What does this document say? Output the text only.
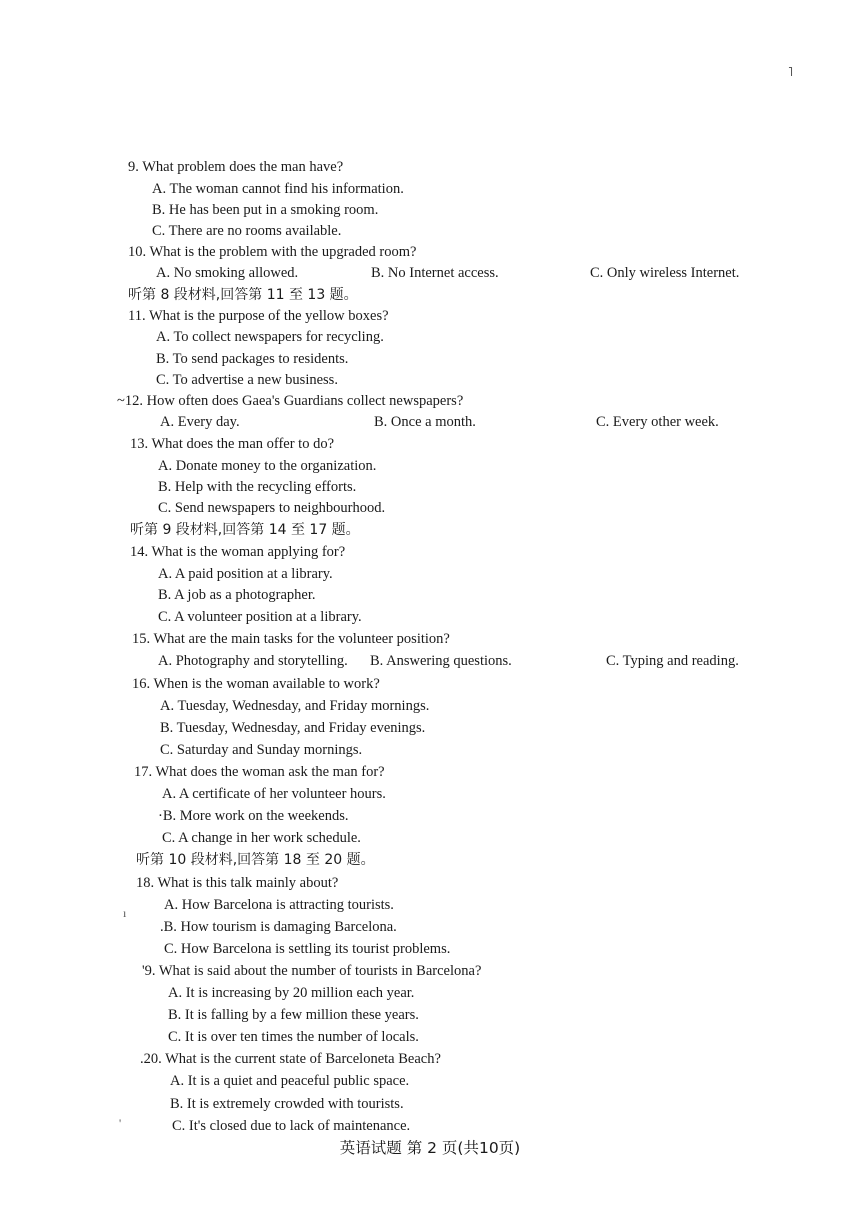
˥
9. What problem does the man have?
A. The woman cannot find his information.
B. He has been put in a smoking room.
C. There are no rooms available.
10. What is the problem with the upgraded room?
A. No smoking allowed.	B. No Internet access.	C. Only wireless Internet.
听第 8 段材料,回答第 11 至 13 题。
11. What is the purpose of the yellow boxes?
A. To collect newspapers for recycling.
B. To send packages to residents.
C. To advertise a new business.
~12. How often does Gaea's Guardians collect newspapers?
A. Every day.	B. Once a month.	C. Every other week.
13. What does the man offer to do?
A. Donate money to the organization.
B. Help with the recycling efforts.
C. Send newspapers to neighbourhood.
听第 9 段材料,回答第 14 至 17 题。
14. What is the woman applying for?
A. A paid position at a library.
B. A job as a photographer.
C. A volunteer position at a library.
15. What are the main tasks for the volunteer position?
A. Photography and storytelling. B. Answering questions.	C. Typing and reading.
16. When is the woman available to work?
A. Tuesday, Wednesday, and Friday mornings.
B. Tuesday, Wednesday, and Friday evenings.
C. Saturday and Sunday mornings.
17. What does the woman ask the man for?
A. A certificate of her volunteer hours.
·B. More work on the weekends.
C. A change in her work schedule.
听第 10 段材料,回答第 18 至 20 题。
18. What is this talk mainly about?
A. How Barcelona is attracting tourists.
.B. How tourism is damaging Barcelona.
C. How Barcelona is settling its tourist problems.
'9. What is said about the number of tourists in Barcelona?
A. It is increasing by 20 million each year.
B. It is falling by a few million these years.
C. It is over ten times the number of locals.
.20. What is the current state of Barceloneta Beach?
A. It is a quiet and peaceful public space.
B. It is extremely crowded with tourists.
C. It's closed due to lack of maintenance.
ı
'
英语试题 第 2 页(共10页)
